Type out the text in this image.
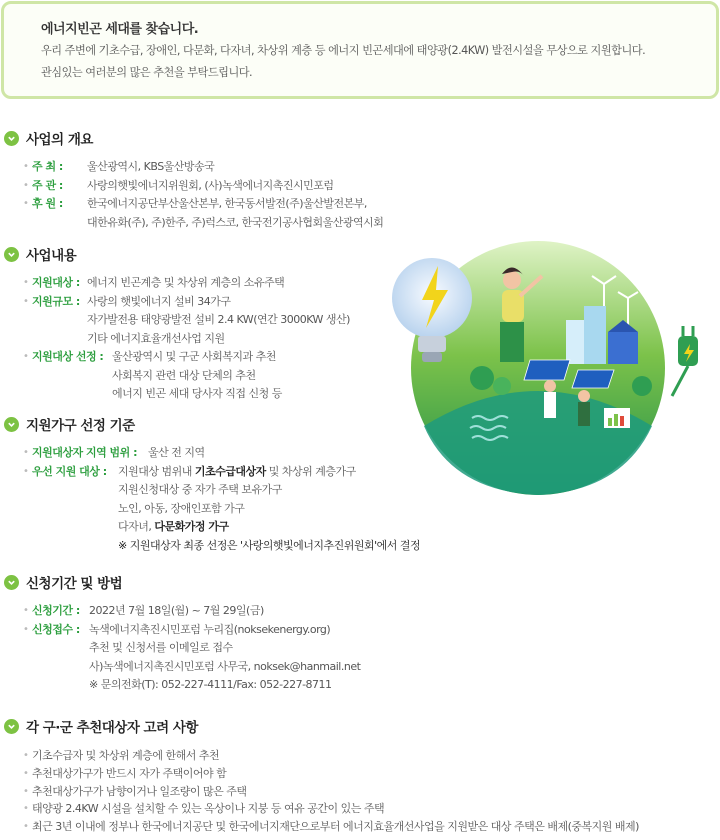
에너지빈곤 세대를 찾습니다.
우리 주변에 기초수급, 장애인, 다문화, 다자녀, 차상위 계층 등 에너지 빈곤세대에 태양광(2.4KW) 발전시설을 무상으로 지원합니다.
관심있는 여러분의 많은 추천을 부탁드립니다.
사업의 개요
• 주 최 :	울산광역시, KBS울산방송국
• 주 관 :	사랑의햇빛에너지위원회, (사)녹색에너지촉진시민포럼
• 후 원 :	한국에너지공단부산울산본부, 한국동서발전(주)울산발전본부,
대한유화(주), 주)한주, 주)럭스코, 한국전기공사협회울산광역시회
사업내용
• 지원대상 : 에너지 빈곤계층 및 차상위 계층의 소유주택
• 지원규모 : 사랑의 햇빛에너지 설비 34가구
자가발전용 태양광발전 설비 2.4 KW(연간 3000KW 생산)
기타 에너지효율개선사업 지원
• 지원대상 선정 : 울산광역시 및 구군 사회복지과 추천
사회복지 관련 대상 단체의 추천
에너지 빈곤 세대 당사자 직접 신청 등
지원가구 선정 기준
• 지원대상자 지역 범위 : 울산 전 지역
• 우선 지원 대상 :	지원대상 범위내 기초수급대상자 및 차상위 계층가구
지원신청대상 중 자가 주택 보유가구
노인, 아동, 장애인포함 가구
다자녀, 다문화가정 가구
※ 지원대상자 최종 선정은 '사랑의햇빛에너지추진위원회'에서 결정
신청기간 및 방법
• 신청기간 : 2022년 7월 18일(월) ~ 7월 29일(금)
• 신청접수 : 녹색에너지촉진시민포럼 누리집(noksekenergy.org)
추천 및 신청서를 이메일로 접수
사)녹색에너지촉진시민포럼 사무국, noksek@hanmail.net
※ 문의전화(T): 052-227-4111/Fax: 052-227-8711
각 구·군 추천대상자 고려 사항
• 기초수급자 및 차상위 계층에 한해서 추천
• 추천대상가구가 반드시 자가 주택이어야 함
• 추천대상가구가 남향이거나 일조량이 많은 주택
• 태양광 2.4KW 시설을 설치할 수 있는 옥상이나 지붕 등 여유 공간이 있는 주택
• 최근 3년 이내에 정부나 한국에너지공단 및 한국에너지재단으로부터 에너지효율개선사업을 지원받은 대상 주택은 배제(중복지원 배제)
